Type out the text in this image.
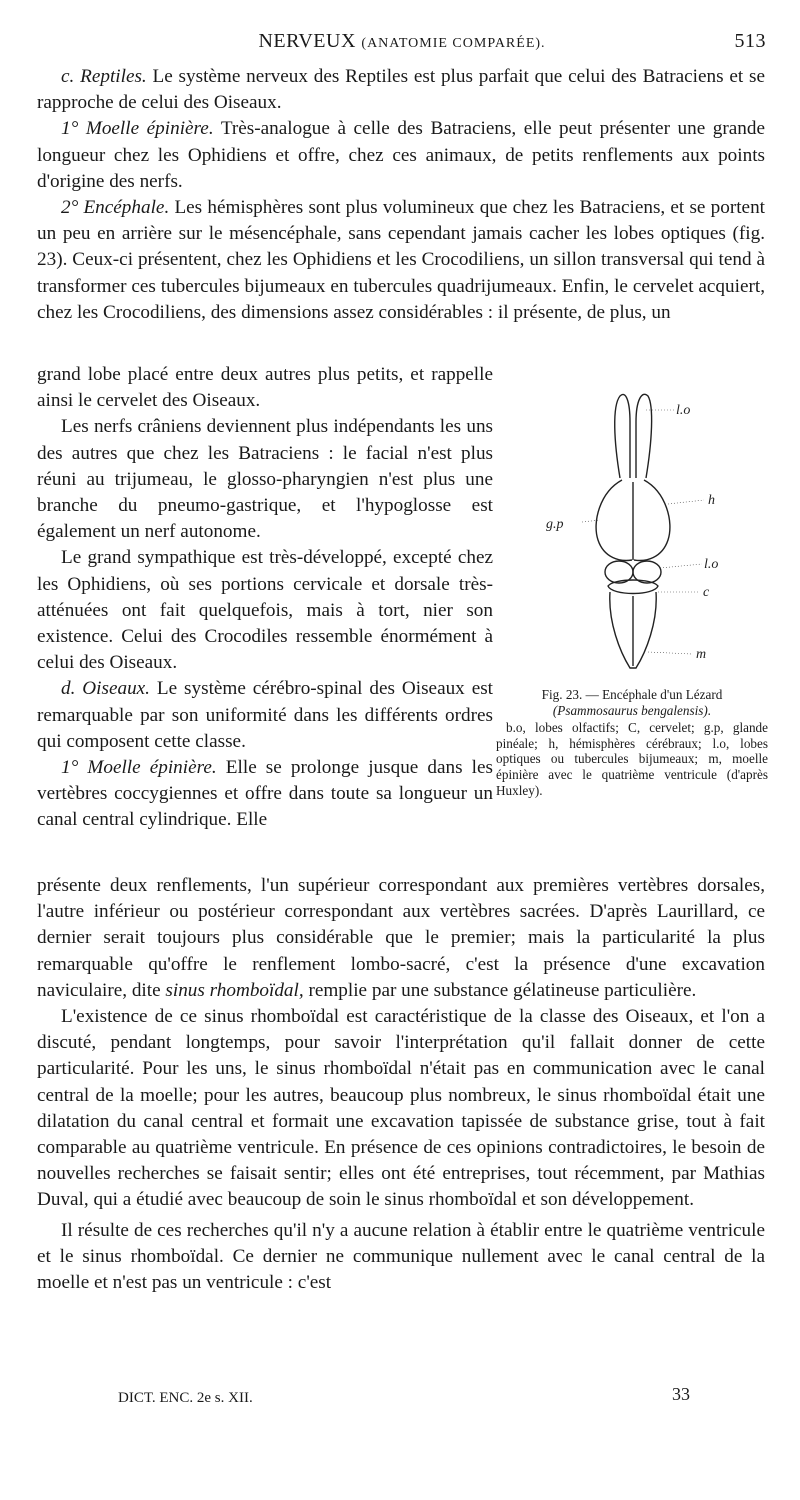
NERVEUX (ANATOMIE COMPARÉE).	513

c. Reptiles. Le système nerveux des Reptiles est plus parfait que celui des Batraciens et se rapproche de celui des Oiseaux.

1° Moelle épinière. Très-analogue à celle des Batraciens, elle peut présenter une grande longueur chez les Ophidiens et offre, chez ces animaux, de petits renflements aux points d'origine des nerfs.

2° Encéphale. Les hémisphères sont plus volumineux que chez les Batraciens, et se portent un peu en arrière sur le mésencéphale, sans cependant jamais cacher les lobes optiques (fig. 23). Ceux-ci présentent, chez les Ophidiens et les Crocodiliens, un sillon transversal qui tend à transformer ces tubercules bijumeaux en tubercules quadrijumeaux. Enfin, le cervelet acquiert, chez les Crocodiliens, des dimensions assez considérables : il présente, de plus, un

grand lobe placé entre deux autres plus petits, et rappelle ainsi le cervelet des Oiseaux.

Les nerfs crâniens deviennent plus indépendants les uns des autres que chez les Batraciens : le facial n'est plus réuni au trijumeau, le glosso-pharyngien n'est plus une branche du pneumo-gastrique, et l'hypoglosse est également un nerf autonome.

Le grand sympathique est très-développé, excepté chez les Ophidiens, où ses portions cervicale et dorsale très-atténuées ont fait quelquefois, mais à tort, nier son existence. Celui des Crocodiles ressemble énormément à celui des Oiseaux.

d. Oiseaux. Le système cérébro-spinal des Oiseaux est remarquable par son uniformité dans les différents ordres qui composent cette classe.

1° Moelle épinière. Elle se prolonge jusque dans les vertèbres coccygiennes et offre dans toute sa longueur un canal central cylindrique. Elle

l.o
h
g.p
l.o
c
m
Fig. 23. — Encéphale d'un Lézard
(Psammosaurus bengalensis).
b.o, lobes olfactifs; C, cervelet; g.p, glande pinéale; h, hémisphères cérébraux; l.o, lobes optiques ou tubercules bijumeaux; m, moelle épinière avec le quatrième ventricule (d'après Huxley).

présente deux renflements, l'un supérieur correspondant aux premières vertèbres dorsales, l'autre inférieur ou postérieur correspondant aux vertèbres sacrées. D'après Laurillard, ce dernier serait toujours plus considérable que le premier; mais la particularité la plus remarquable qu'offre le renflement lombo-sacré, c'est la présence d'une excavation naviculaire, dite sinus rhomboïdal, remplie par une substance gélatineuse particulière.

L'existence de ce sinus rhomboïdal est caractéristique de la classe des Oiseaux, et l'on a discuté, pendant longtemps, pour savoir l'interprétation qu'il fallait donner de cette particularité. Pour les uns, le sinus rhomboïdal n'était pas en communication avec le canal central de la moelle; pour les autres, beaucoup plus nombreux, le sinus rhomboïdal était une dilatation du canal central et formait une excavation tapissée de substance grise, tout à fait comparable au quatrième ventricule. En présence de ces opinions contradictoires, le besoin de nouvelles recherches se faisait sentir; elles ont été entreprises, tout récemment, par Mathias Duval, qui a étudié avec beaucoup de soin le sinus rhomboïdal et son développement.

Il résulte de ces recherches qu'il n'y a aucune relation à établir entre le quatrième ventricule et le sinus rhomboïdal. Ce dernier ne communique nullement avec le canal central de la moelle et n'est pas un ventricule : c'est

DICT. ENC. 2e s. XII.	33
